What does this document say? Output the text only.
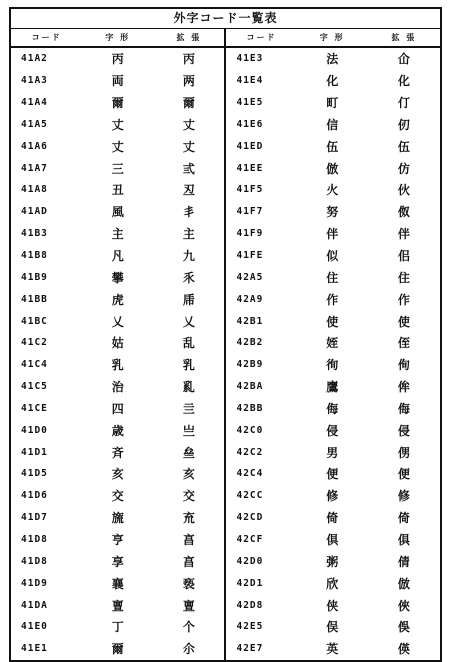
外字コード一覧表
コード	字 形	拡 張	コード	字 形	拡 張
41A2	丙	丙	41E3	法	仚
41A3	両	两	41E4	化	化
41A4	爾	爾	41E5	町	仃
41A5	丈	丈	41E6	信	仞
41A6	丈	丈	41ED	伍	伍
41A7	三	弎	41EE	倣	仿
41A8	丑	丒	41F5	火	伙
41AD	風	丯	41F7	努	伮
41B3	主	主	41F9	伴	伴
41B8	凡	九	41FE	似	佀
41B9	攀	乑	42A5	住	住
41BB	虎	乕	42A9	作	作
41BC	乂	乂	42B1	使	使
41C2	姑	乱	42B2	姪	侄
41C4	乳	乳	42B9	徇	侚
41C5	治	乿	42BA	鷹	侔
41CE	四	亖	42BB	侮	侮
41D0	歳	亗	42C0	侵	侵
41D1	斉	亝	42C2	男	侽
41D5	亥	亥	42C4	便	便
41D6	交	交	42CC	修	修
41D7	旒	㐬	42CD	倚	倚
41D8	亨	亯	42CF	倶	俱
41D8	享	亯	42D0	粥	倩
41D9	襄	亵	42D1	欣	倣
41DA	亶	亶	42D8	侠	俠
41E0	丁	个	42E5	俣	俁
41E1	爾	尒	42E7	英	偀
